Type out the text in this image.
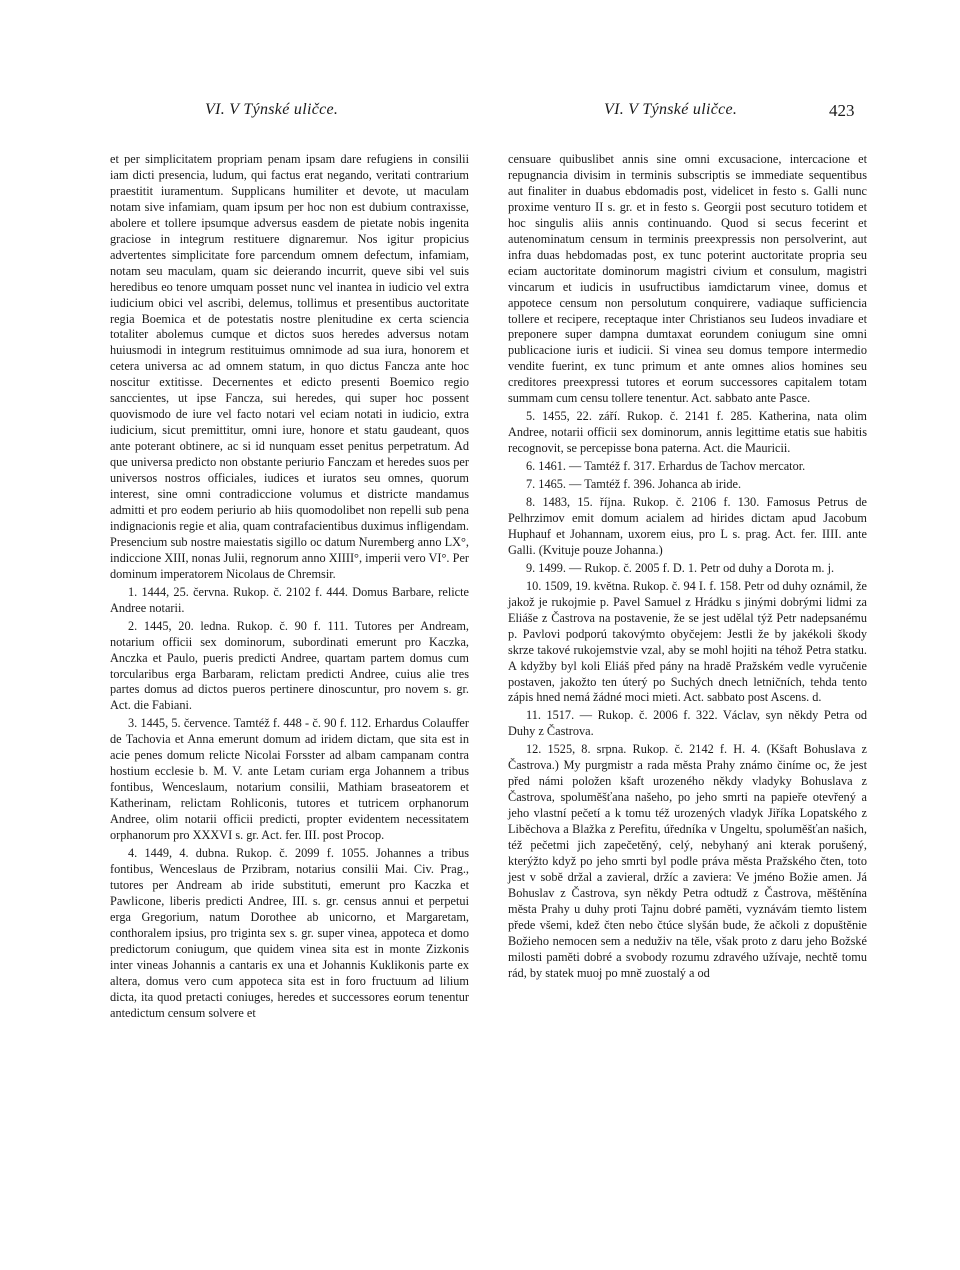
VI. V Týnské uličce.	VI. V Týnské uličce.	423

et per simplicitatem propriam penam ipsam dare refugiens in consilii iam dicti presencia, ludum, qui factus erat negando, veritati contrarium praestitit iuramentum. Supplicans humiliter et devote, ut maculam notam sive infamiam, quam ipsum per hoc non est dubium contraxisse, abolere et tollere ipsumque adversus easdem de pietate nobis ingenita graciose in integrum restituere dignaremur. Nos igitur propicius advertentes simplicitate fore parcendum omnem defectum, infamiam, notam seu maculam, quam sic deierando incurrit, queve sibi vel suis heredibus eo tenore umquam posset nunc vel inantea in iudicio vel extra iudicium obici vel ascribi, delemus, tollimus et presentibus auctoritate regia Boemica et de potestatis nostre plenitudine ex certa sciencia totaliter abolemus cumque et dictos suos heredes adversus notam huiusmodi in integrum restituimus omnimode ad sua iura, honorem et cetera universa ac ad omnem statum, in quo dictus Fancza ante hoc noscitur extitisse. Decernentes et edicto presenti Boemico regio sanccientes, ut ipse Fancza, sui heredes, qui super hoc possent quovismodo de iure vel facto notari vel eciam notati in iudicio, extra iudicium, sicut premittitur, omni iure, honore et statu gaudeant, quos ante poterant obtinere, ac si id nunquam esset penitus perpetratum. Ad que universa predicto non obstante periurio Fanczam et heredes suos per universos nostros officiales, iudices et iuratos seu omnes, quorum interest, sine omni contradiccione volumus et districte mandamus admitti et pro eodem periurio ab hiis quomodolibet non repelli sub pena indignacionis regie et alia, quam contrafacientibus duximus infligendam. Presencium sub nostre maiestatis sigillo oc datum Nuremberg anno LX°, indiccione XIII, nonas Julii, regnorum anno XIIII°, imperii vero VI°. Per dominum imperatorem Nicolaus de Chremsir.

1. 1444, 25. června. Rukop. č. 2102 f. 444. Domus Barbare, relicte Andree notarii.

2. 1445, 20. ledna. Rukop. č. 90 f. 111. Tutores per Andream, notarium officii sex dominorum, subordinati emerunt pro Kaczka, Anczka et Paulo, pueris predicti Andree, quartam partem domus cum torcularibus erga Barbaram, relictam predicti Andree, cuius alie tres partes domus ad dictos pueros pertinere dinoscuntur, pro novem s. gr. Act. die Fabiani.

3. 1445, 5. července. Tamtéž f. 448 - č. 90 f. 112. Erhardus Colauffer de Tachovia et Anna emerunt domum ad iridem dictam, que sita est in acie penes domum relicte Nicolai Forsster ad albam campanam contra hostium ecclesie b. M. V. ante Letam curiam erga Johannem a tribus fontibus, Wenceslaum, notarium consilii, Mathiam braseatorem et Katherinam, relictam Rohliconis, tutores et tutricem orphanorum Andree, olim notarii officii predicti, propter evidentem necessitatem orphanorum pro XXXVI s. gr. Act. fer. III. post Procop.

4. 1449, 4. dubna. Rukop. č. 2099 f. 1055. Johannes a tribus fontibus, Wenceslaus de Przibram, notarius consilii Mai. Civ. Prag., tutores per Andream ab iride substituti, emerunt pro Kaczka et Pawlicone, liberis predicti Andree, III. s. gr. census annui et perpetui erga Gregorium, natum Dorothee ab unicorno, et Margaretam, conthoralem ipsius, pro triginta sex s. gr. super vinea, appoteca et domo predictorum coniugum, que quidem vinea sita est in monte Zizkonis inter vineas Johannis a cantaris ex una et Johannis Kuklikonis parte ex altera, domus vero cum appoteca sita est in foro fructuum ad lilium dicta, ita quod pretacti coniuges, heredes et successores eorum tenentur antedictum censum solvere et

censuare quibuslibet annis sine omni excusacione, intercacione et repugnancia divisim in terminis subscriptis se immediate sequentibus aut finaliter in duabus ebdomadis post, videlicet in festo s. Galli nunc proxime venturo II s. gr. et in festo s. Georgii post secuturo totidem et hoc singulis aliis annis continuando. Quod si secus fecerint et autenominatum censum in terminis preexpressis non persolverint, aut infra duas hebdomadas post, ex tunc poterint auctoritate propria seu eciam auctoritate dominorum magistri civium et consulum, magistri vincarum et iudicis in usufructibus iamdictarum vinee, domus et appotece censum non persolutum conquirere, vadiaque sufficiencia tollere et recipere, receptaque inter Christianos seu Iudeos invadiare et preponere super dampna dumtaxat eorundem coniugum sine omni publicacione iuris et iudicii. Si vinea seu domus tempore intermedio vendite fuerint, ex tunc primum et ante omnes alios homines seu creditores preexpressi tutores et eorum successores capitalem totam summam cum censu tollere tenentur. Act. sabbato ante Pasce.

5. 1455, 22. září. Rukop. č. 2141 f. 285. Katherina, nata olim Andree, notarii officii sex dominorum, annis legittime etatis sue habitis recognovit, se percepisse bona paterna. Act. die Mauricii.

6. 1461. — Tamtéž f. 317. Erhardus de Tachov mercator.

7. 1465. — Tamtéž f. 396. Johanca ab iride.

8. 1483, 15. října. Rukop. č. 2106 f. 130. Famosus Petrus de Pelhrzimov emit domum acialem ad hirides dictam apud Jacobum Huphauf et Johannam, uxorem eius, pro L s. prag. Act. fer. IIII. ante Galli. (Kvituje pouze Johanna.)

9. 1499. — Rukop. č. 2005 f. D. 1. Petr od duhy a Dorota m. j.

10. 1509, 19. května. Rukop. č. 94 I. f. 158. Petr od duhy oznámil, že jakož je rukojmie p. Pavel Samuel z Hrádku s jinými dobrými lidmi za Eliáše z Častrova na postavenie, že se jest udělal týž Petr nadepsanému p. Pavlovi podporú takovýmto obyčejem: Jestli že by jakékoli škody skrze takové rukojemstvie vzal, aby se mohl hojiti na téhož Petra statku. A kdyžby byl koli Eliáš před pány na hradě Pražském vedle vyručenie postaven, jakožto ten úterý po Suchých dnech letničních, tehda tento zápis hned nemá žádné moci mieti. Act. sabbato post Ascens. d.

11. 1517. — Rukop. č. 2006 f. 322. Václav, syn někdy Petra od Duhy z Častrova.

12. 1525, 8. srpna. Rukop. č. 2142 f. H. 4. (Kšaft Bohuslava z Častrova.) My purgmistr a rada města Prahy známo činíme oc, že jest před námi položen kšaft urozeného někdy vladyky Bohuslava z Častrova, spoluměšťana našeho, po jeho smrti na papieře otevřený a jeho vlastní pečetí a k tomu též urozených vladyk Jiříka Lopatského z Liběchova a Blažka z Perefitu, úředníka v Ungeltu, spoluměšťan našich, též pečetmi jich zapečetěný, celý, nebyhaný ani kterak porušený, kterýžto když po jeho smrti byl podle práva města Pražského čten, toto jest v sobě držal a zavieral, držíc a zaviera: Ve jméno Božie amen. Já Bohuslav z Častrova, syn někdy Petra odtudž z Častrova, měštěnína města Prahy u duhy proti Tajnu dobré paměti, vyznávám tiemto listem přede všemi, kdež čten nebo čtúce slyšán bude, že ačkoli z dopuštěnie Božieho nemocen sem a neduživ na těle, však proto z daru jeho Božské milosti paměti dobré a svobody rozumu zdravého užívaje, nechtě tomu rád, by statek muoj po mně zuostalý a od
